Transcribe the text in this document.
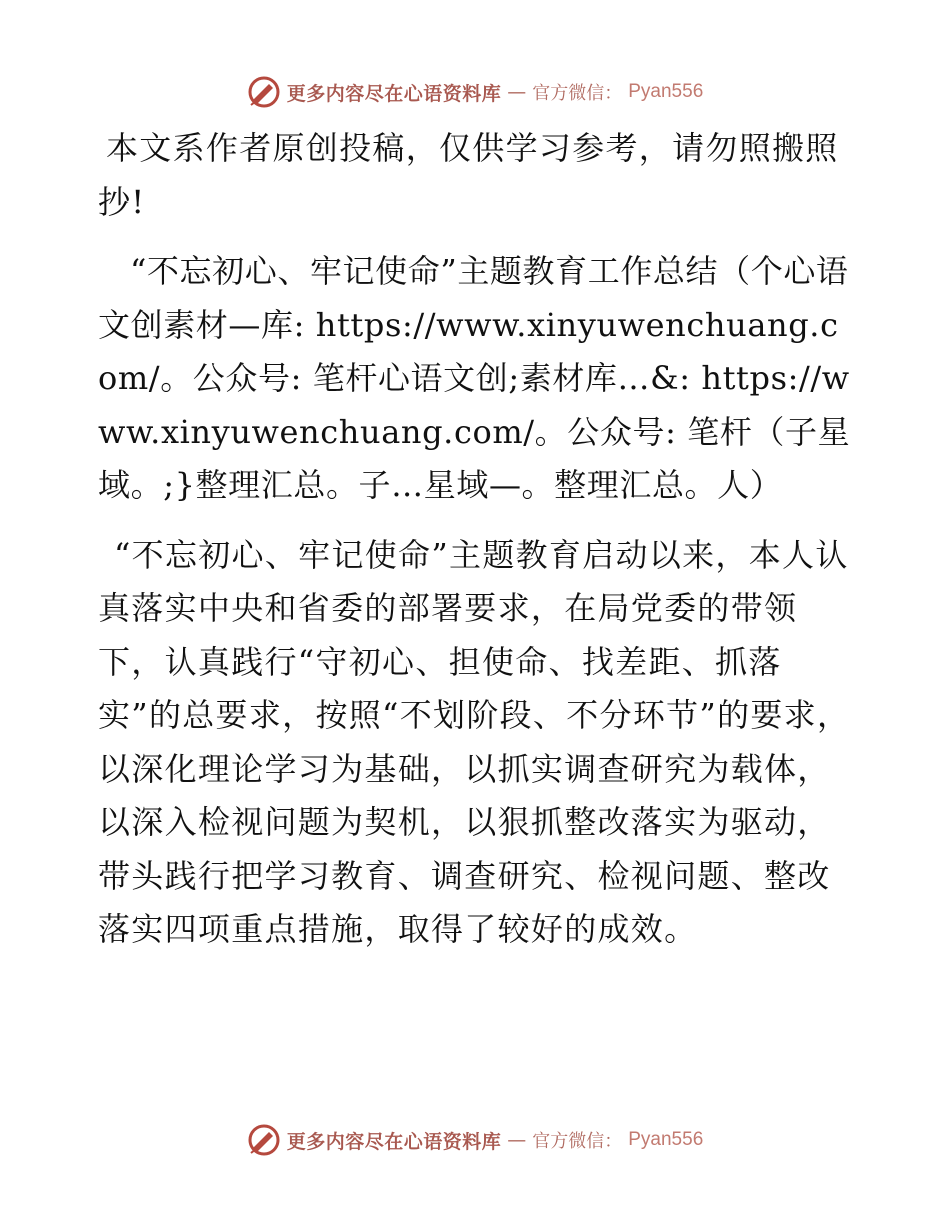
更多内容尽在心语资料库 — 官方微信： Pyan556

本文系作者原创投稿，仅供学习参考，请勿照搬照抄!

“不忘初心、牢记使命”主题教育工作总结（个心语文创素材—库: https://www.xinyuwenchuang.com/。公众号: 笔杆心语文创;素材库…&: https://www.xinyuwenchuang.com/。公众号: 笔杆（子星域。;}整理汇总。子…星域—。整理汇总。人）

“不忘初心、牢记使命”主题教育启动以来，本人认真落实中央和省委的部署要求，在局党委的带领下，认真践行“守初心、担使命、找差距、抓落实”的总要求，按照“不划阶段、不分环节”的要求，以深化理论学习为基础，以抓实调查研究为载体，以深入检视问题为契机，以狠抓整改落实为驱动，带头践行把学习教育、调查研究、检视问题、整改落实四项重点措施，取得了较好的成效。

更多内容尽在心语资料库 — 官方微信： Pyan556
